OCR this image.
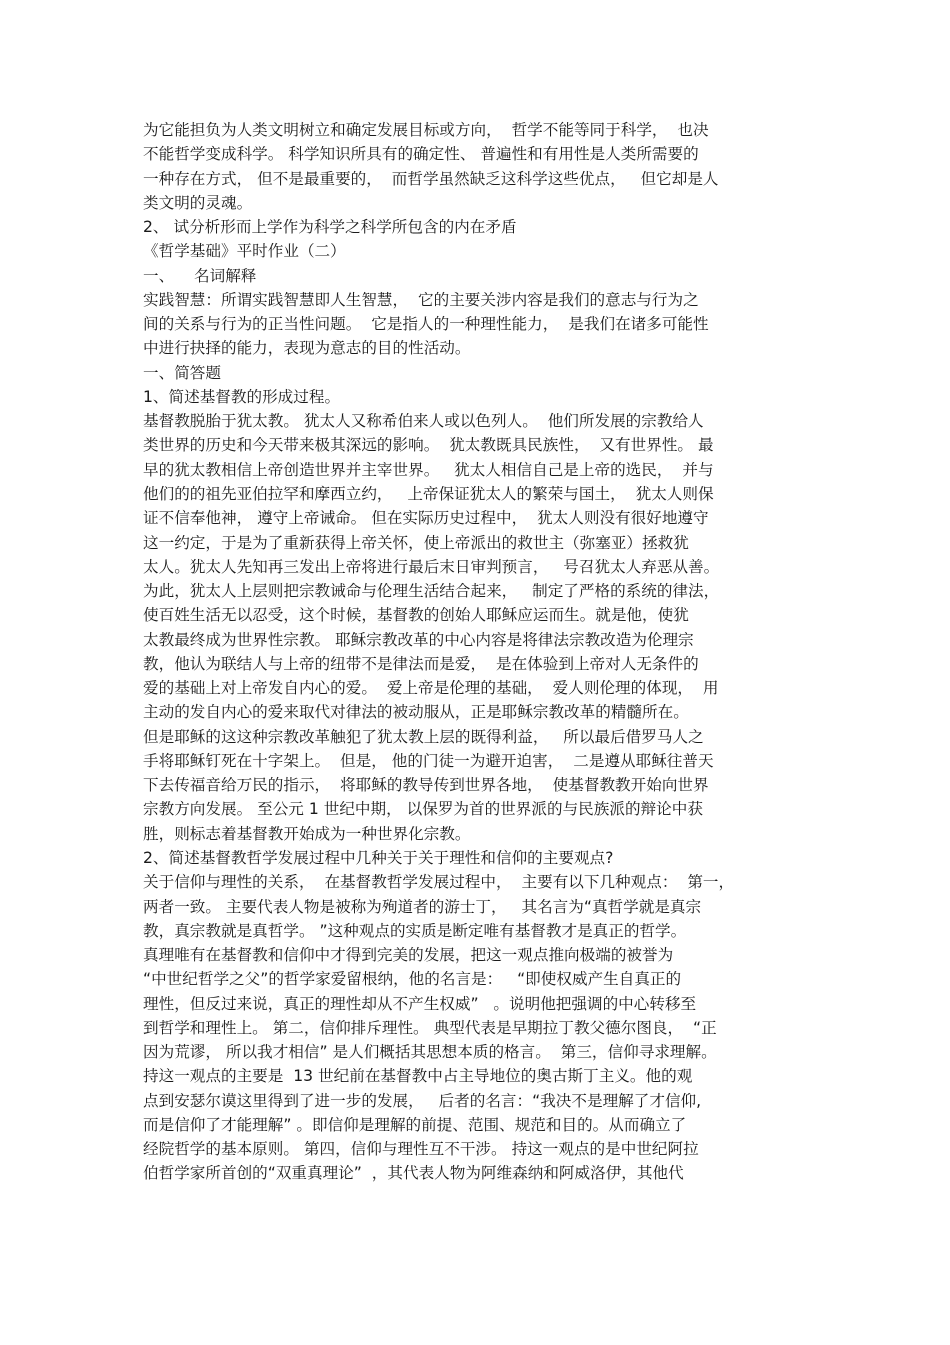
为它能担负为人类文明树立和确定发展目标或方向，  哲学不能等同于科学，  也决
不能哲学变成科学。 科学知识所具有的确定性、 普遍性和有用性是人类所需要的
一种存在方式， 但不是最重要的，  而哲学虽然缺乏这科学这些优点，   但它却是人
类文明的灵魂。
2、 试分析形而上学作为科学之科学所包含的内在矛盾
《哲学基础》平时作业（二）
一、    名词解释
实践智慧：所谓实践智慧即人生智慧，  它的主要关涉内容是我们的意志与行为之
间的关系与行为的正当性问题。  它是指人的一种理性能力，  是我们在诸多可能性
中进行抉择的能力，表现为意志的目的性活动。
一、简答题
1、简述基督教的形成过程。
基督教脱胎于犹太教。 犹太人又称希伯来人或以色列人。  他们所发展的宗教给人
类世界的历史和今天带来极其深远的影响。  犹太教既具民族性，  又有世界性。 最
早的犹太教相信上帝创造世界并主宰世界。   犹太人相信自己是上帝的选民，  并与
他们的的祖先亚伯拉罕和摩西立约，   上帝保证犹太人的繁荣与国土，  犹太人则保
证不信奉他神， 遵守上帝诫命。 但在实际历史过程中，  犹太人则没有很好地遵守
这一约定，于是为了重新获得上帝关怀，使上帝派出的救世主（弥塞亚）拯救犹
太人。犹太人先知再三发出上帝将进行最后末日审判预言，   号召犹太人弃恶从善。
为此，犹太人上层则把宗教诫命与伦理生活结合起来，   制定了严格的系统的律法，
使百姓生活无以忍受，这个时候，基督教的创始人耶稣应运而生。就是他，使犹
太教最终成为世界性宗教。 耶稣宗教改革的中心内容是将律法宗教改造为伦理宗
教，他认为联结人与上帝的纽带不是律法而是爱，  是在体验到上帝对人无条件的
爱的基础上对上帝发自内心的爱。  爱上帝是伦理的基础，  爱人则伦理的体现，  用
主动的发自内心的爱来取代对律法的被动服从，正是耶稣宗教改革的精髓所在。
但是耶稣的这这种宗教改革触犯了犹太教上层的既得利益，   所以最后借罗马人之
手将耶稣钉死在十字架上。  但是， 他的门徒一为避开迫害，  二是遵从耶稣往普天
下去传福音给万民的指示，  将耶稣的教导传到世界各地，  使基督教教开始向世界
宗教方向发展。 至公元 1 世纪中期， 以保罗为首的世界派的与民族派的辩论中获
胜，则标志着基督教开始成为一种世界化宗教。
2、简述基督教哲学发展过程中几种关于关于理性和信仰的主要观点?
关于信仰与理性的关系，  在基督教哲学发展过程中，  主要有以下几种观点：  第一，
两者一致。 主要代表人物是被称为殉道者的游士丁，   其名言为“真哲学就是真宗
教，真宗教就是真哲学。 ”这种观点的实质是断定唯有基督教才是真正的哲学。
真理唯有在基督教和信仰中才得到完美的发展，把这一观点推向极端的被誉为
“中世纪哲学之父”的哲学家爱留根纳，他的名言是：   “即使权威产生自真正的
理性，但反过来说，真正的理性却从不产生权威”   。说明他把强调的中心转移至
到哲学和理性上。 第二，信仰排斥理性。 典型代表是早期拉丁教父德尔图良，  “正
因为荒谬， 所以我才相信” 是人们概括其思想本质的格言。  第三，信仰寻求理解。
持这一观点的主要是  13 世纪前在基督教中占主导地位的奥古斯丁主义。他的观
点到安瑟尔谟这里得到了进一步的发展，   后者的名言：“我决不是理解了才信仰,
而是信仰了才能理解” 。即信仰是理解的前提、范围、规范和目的。从而确立了
经院哲学的基本原则。 第四，信仰与理性互不干涉。 持这一观点的是中世纪阿拉
伯哲学家所首创的“双重真理论”  ，其代表人物为阿维森纳和阿威洛伊，其他代
